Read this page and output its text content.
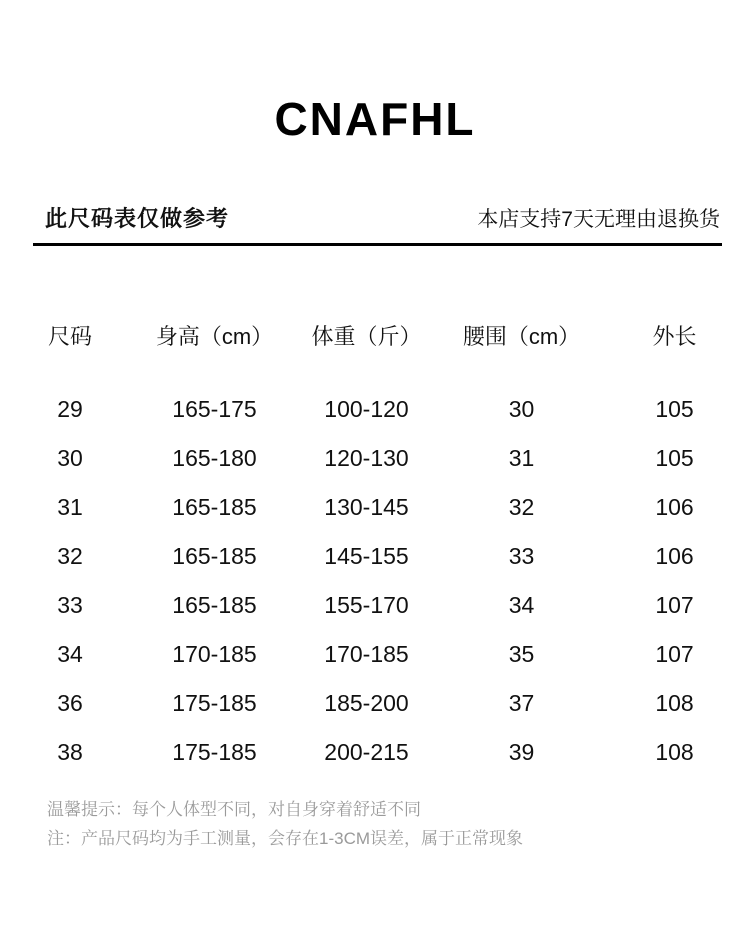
CNAFHL
此尺码表仅做参考	本店支持7天无理由退换货
尺码	身高（cm）	体重（斤）	腰围（cm）	外长
29	165-175	100-120	30	105
30	165-180	120-130	31	105
31	165-185	130-145	32	106
32	165-185	145-155	33	106
33	165-185	155-170	34	107
34	170-185	170-185	35	107
36	175-185	185-200	37	108
38	175-185	200-215	39	108
温馨提示：每个人体型不同，对自身穿着舒适不同
注：产品尺码均为手工测量，会存在1-3CM误差，属于正常现象
